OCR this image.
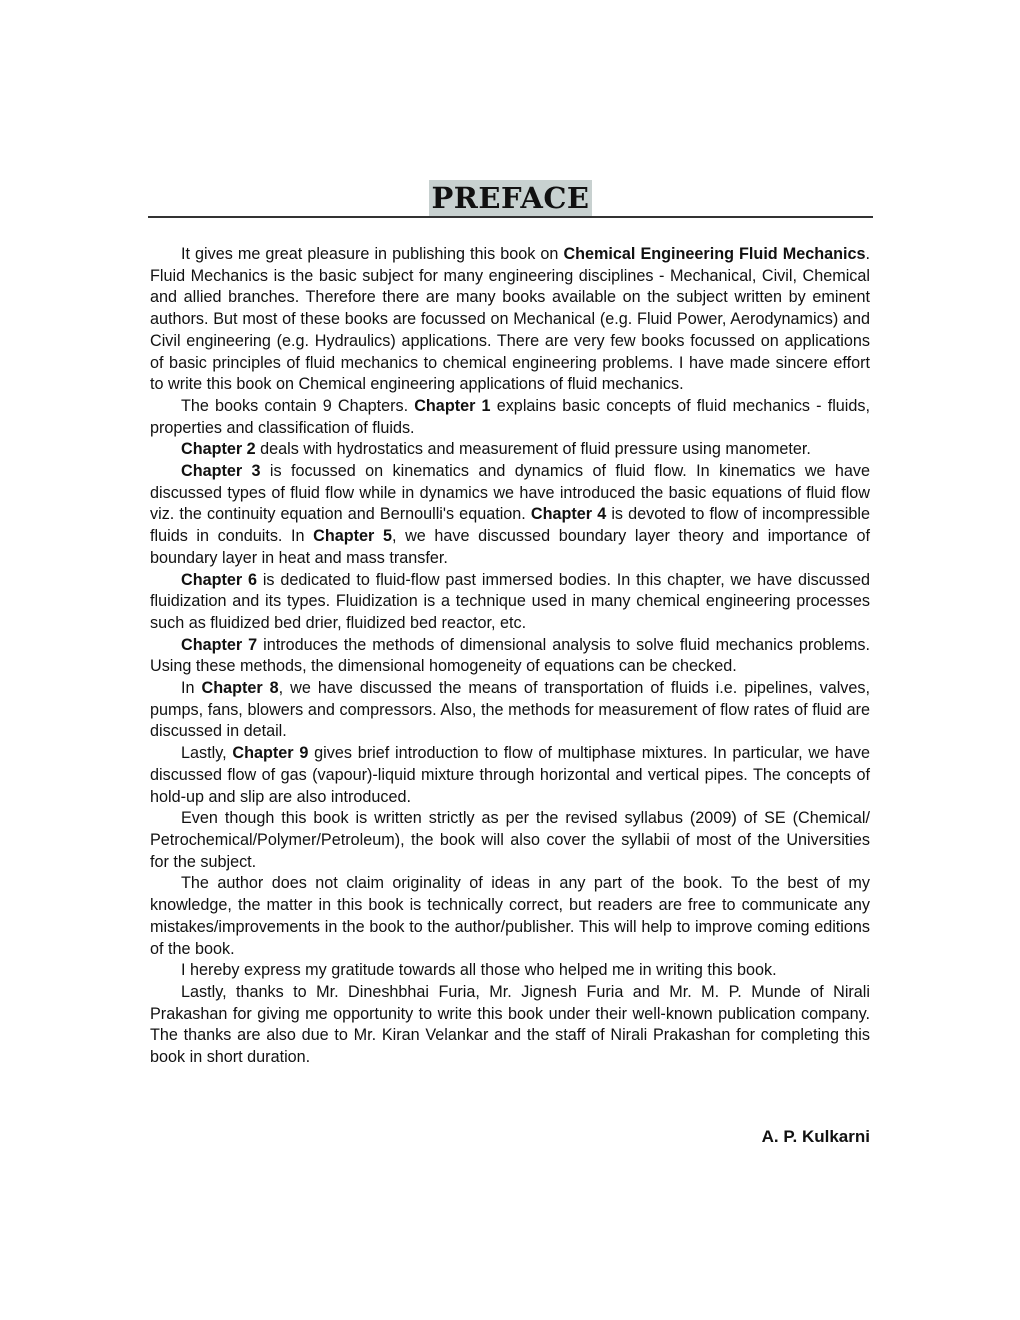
PREFACE

It gives me great pleasure in publishing this book on Chemical Engineering Fluid Mechanics. Fluid Mechanics is the basic subject for many engineering disciplines - Mechanical, Civil, Chemical and allied branches. Therefore there are many books available on the subject written by eminent authors. But most of these books are focussed on Mechanical (e.g. Fluid Power, Aerodynamics) and Civil engineering (e.g. Hydraulics) applications. There are very few books focussed on applications of basic principles of fluid mechanics to chemical engineering problems. I have made sincere effort to write this book on Chemical engineering applications of fluid mechanics.

The books contain 9 Chapters. Chapter 1 explains basic concepts of fluid mechanics - fluids, properties and classification of fluids.

Chapter 2 deals with hydrostatics and measurement of fluid pressure using manometer.

Chapter 3 is focussed on kinematics and dynamics of fluid flow. In kinematics we have discussed types of fluid flow while in dynamics we have introduced the basic equations of fluid flow viz. the continuity equation and Bernoulli's equation. Chapter 4 is devoted to flow of incompressible fluids in conduits. In Chapter 5, we have discussed boundary layer theory and importance of boundary layer in heat and mass transfer.

Chapter 6 is dedicated to fluid-flow past immersed bodies. In this chapter, we have discussed fluidization and its types. Fluidization is a technique used in many chemical engineering processes such as fluidized bed drier, fluidized bed reactor, etc.

Chapter 7 introduces the methods of dimensional analysis to solve fluid mechanics problems. Using these methods, the dimensional homogeneity of equations can be checked.

In Chapter 8, we have discussed the means of transportation of fluids i.e. pipelines, valves, pumps, fans, blowers and compressors. Also, the methods for measurement of flow rates of fluid are discussed in detail.

Lastly, Chapter 9 gives brief introduction to flow of multiphase mixtures. In particular, we have discussed flow of gas (vapour)-liquid mixture through horizontal and vertical pipes. The concepts of hold-up and slip are also introduced.

Even though this book is written strictly as per the revised syllabus (2009) of SE (Chemical/ Petrochemical/Polymer/Petroleum), the book will also cover the syllabii of most of the Universities for the subject.

The author does not claim originality of ideas in any part of the book. To the best of my knowledge, the matter in this book is technically correct, but readers are free to communicate any mistakes/improvements in the book to the author/publisher. This will help to improve coming editions of the book.

I hereby express my gratitude towards all those who helped me in writing this book.

Lastly, thanks to Mr. Dineshbhai Furia, Mr. Jignesh Furia and Mr. M. P. Munde of Nirali Prakashan for giving me opportunity to write this book under their well-known publication company. The thanks are also due to Mr. Kiran Velankar and the staff of Nirali Prakashan for completing this book in short duration.

A. P. Kulkarni
